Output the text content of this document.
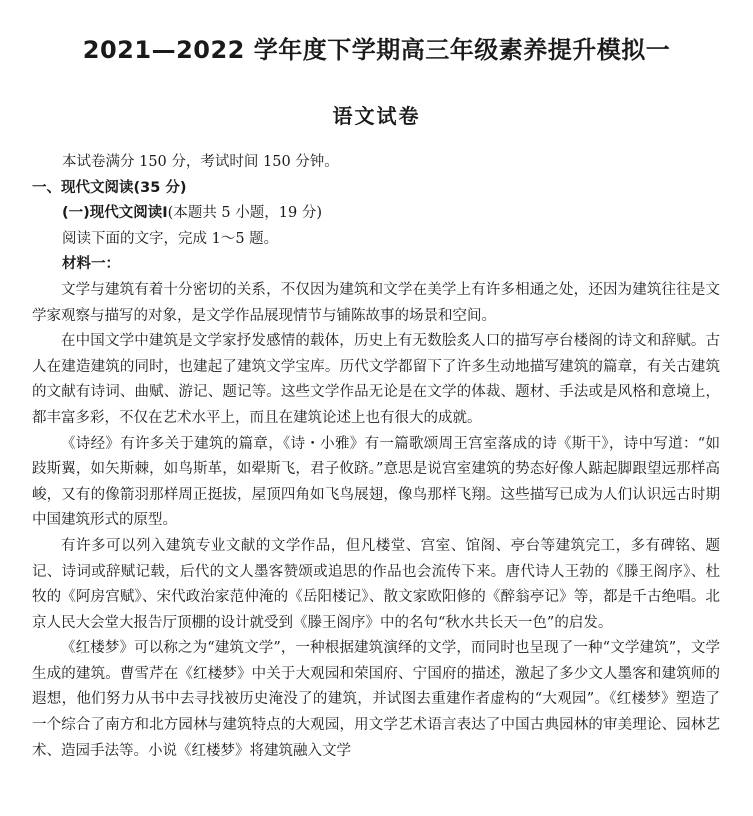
2021—2022 学年度下学期高三年级素养提升模拟一
语文试卷

本试卷满分 150 分，考试时间 150 分钟。

一、现代文阅读(35 分)

(一)现代文阅读Ⅰ(本题共 5 小题，19 分)

阅读下面的文字，完成 1～5 题。

材料一：

文学与建筑有着十分密切的关系，不仅因为建筑和文学在美学上有许多相通之处，还因为建筑往往是文学家观察与描写的对象，是文学作品展现情节与铺陈故事的场景和空间。

在中国文学中建筑是文学家抒发感情的载体，历史上有无数脍炙人口的描写亭台楼阁的诗文和辞赋。古人在建造建筑的同时，也建起了建筑文学宝库。历代文学都留下了许多生动地描写建筑的篇章，有关古建筑的文献有诗词、曲赋、游记、题记等。这些文学作品无论是在文学的体裁、题材、手法或是风格和意境上，都丰富多彩，不仅在艺术水平上，而且在建筑论述上也有很大的成就。

《诗经》有许多关于建筑的篇章，《诗・小雅》有一篇歌颂周王宫室落成的诗《斯干》，诗中写道：“如跂斯翼，如矢斯棘，如鸟斯革，如翚斯飞，君子攸跻。”意思是说宫室建筑的势态好像人踮起脚跟望远那样高峻，又有的像箭羽那样周正挺拔，屋顶四角如飞鸟展翅，像鸟那样飞翔。这些描写已成为人们认识远古时期中国建筑形式的原型。

有许多可以列入建筑专业文献的文学作品，但凡楼堂、宫室、馆阁、亭台等建筑完工，多有碑铭、题记、诗词或辞赋记载，后代的文人墨客赞颂或追思的作品也会流传下来。唐代诗人王勃的《滕王阁序》、杜牧的《阿房宫赋》、宋代政治家范仲淹的《岳阳楼记》、散文家欧阳修的《醉翁亭记》等，都是千古绝唱。北京人民大会堂大报告厅顶棚的设计就受到《滕王阁序》中的名句“秋水共长天一色”的启发。

《红楼梦》可以称之为“建筑文学”，一种根据建筑演绎的文学，而同时也呈现了一种“文学建筑”，文学生成的建筑。曹雪芹在《红楼梦》中关于大观园和荣国府、宁国府的描述，激起了多少文人墨客和建筑师的遐想，他们努力从书中去寻找被历史淹没了的建筑，并试图去重建作者虚构的“大观园”。《红楼梦》塑造了一个综合了南方和北方园林与建筑特点的大观园，用文学艺术语言表达了中国古典园林的审美理论、园林艺术、造园手法等。小说《红楼梦》将建筑融入文学
